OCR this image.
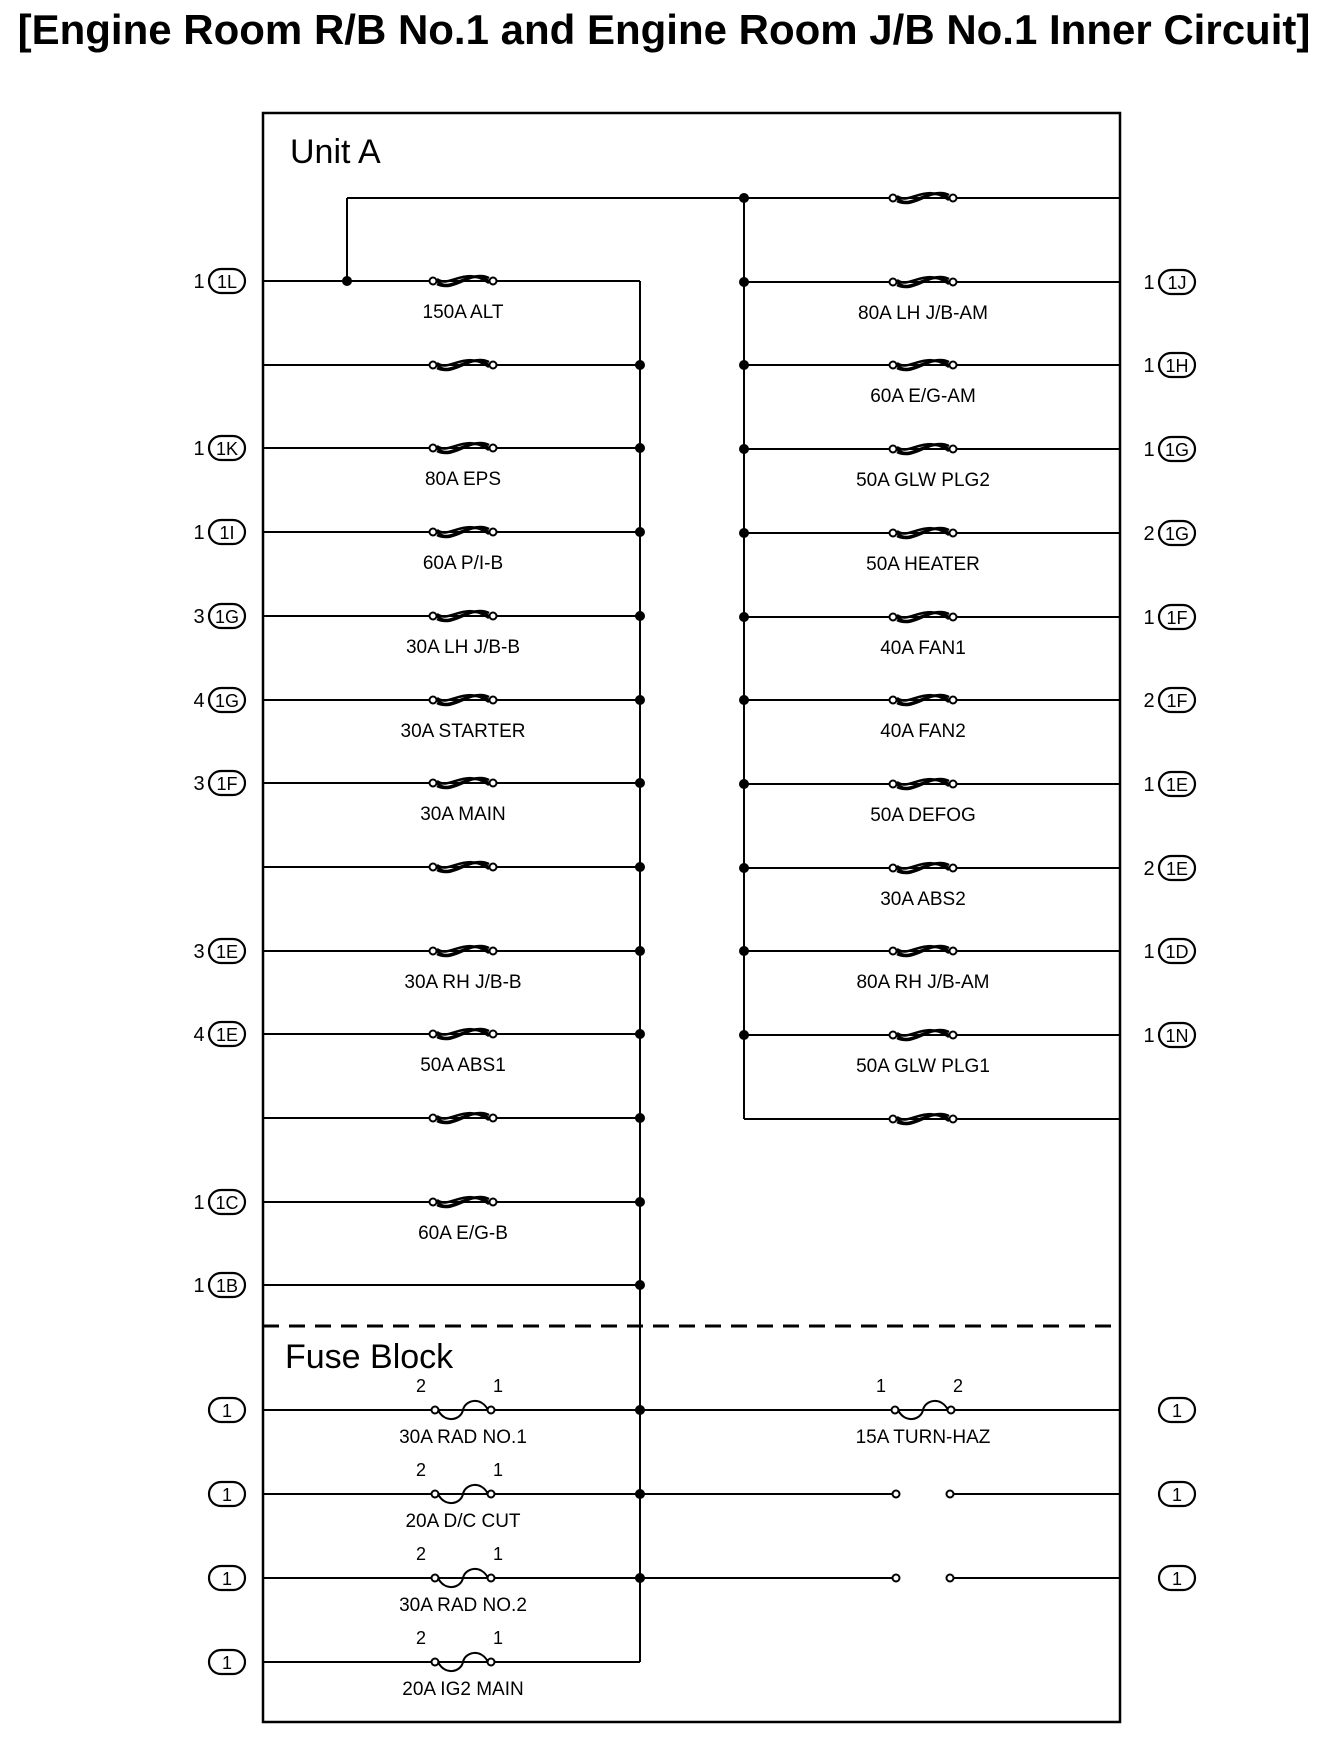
[Engine Room R/B No.1 and Engine Room J/B No.1 Inner Circuit]
Unit A
Fuse Block
150A ALT
1 1L
80A EPS
1 1K
60A P/I-B
1 1I
30A LH J/B-B
3 1G
30A STARTER
4 1G
30A MAIN
3 1F
30A RH J/B-B
3 1E
50A ABS1
4 1E
60A E/G-B
1 1C
1 1B
80A LH J/B-AM
1 1J
60A E/G-AM
1 1H
50A GLW PLG2
1 1G
50A HEATER
2 1G
40A FAN1
1 1F
40A FAN2
2 1F
50A DEFOG
1 1E
30A ABS2
2 1E
80A RH J/B-AM
1 1D
50A GLW PLG1
1 1N
2	1
30A RAD NO.1
1
2	1
20A D/C CUT
1
2	1
30A RAD NO.2
1
2	1
20A IG2 MAIN
1
1	2
15A TURN-HAZ
1
1
1
